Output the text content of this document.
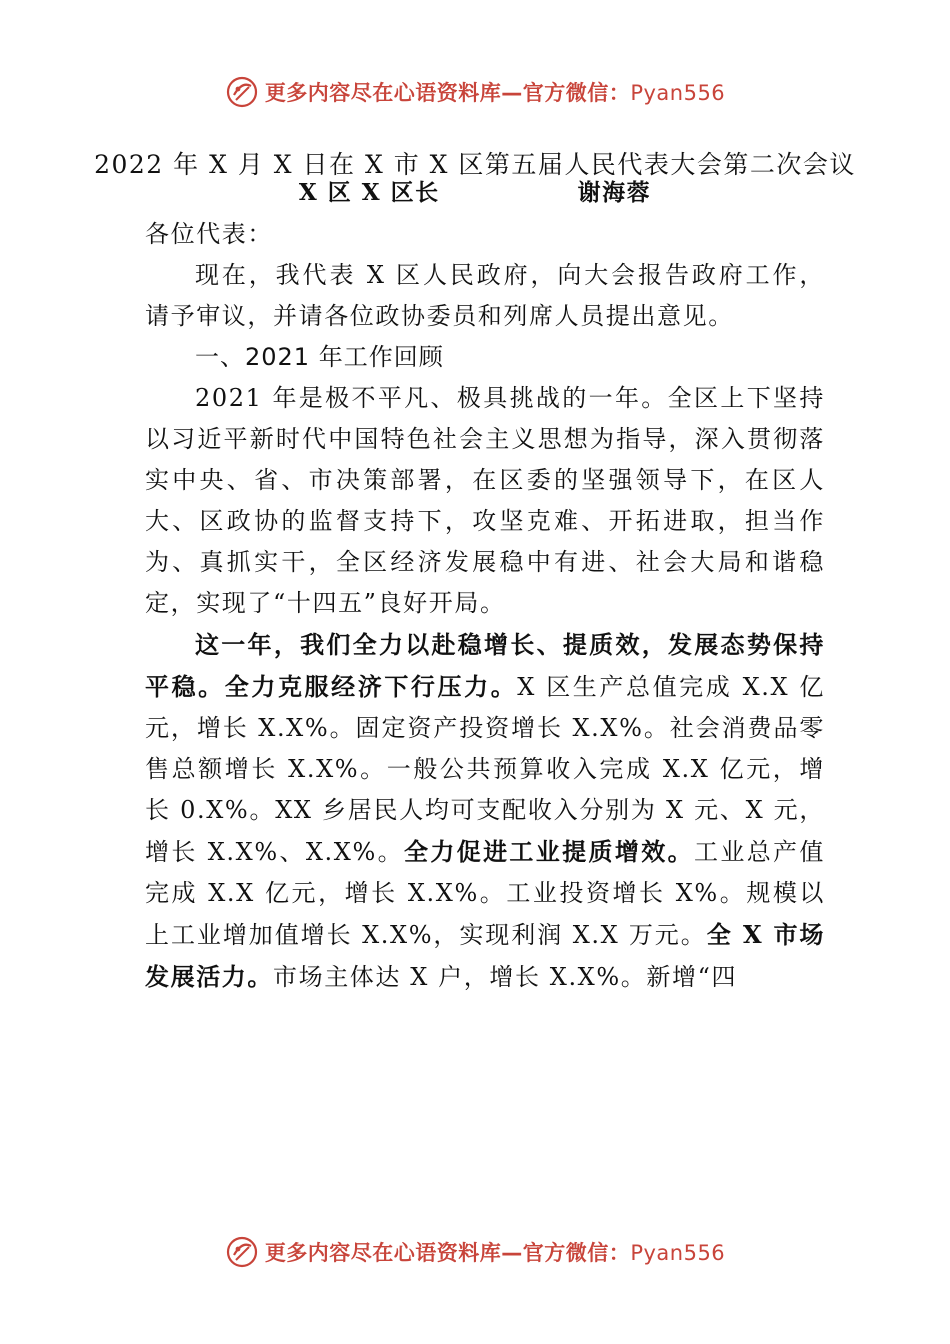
更多内容尽在心语资料库—官方微信：Pyan556
2022 年 X 月 X 日在 X 市 X 区第五届人民代表大会第二次会议
X 区 X 区长	谢海蓉

各位代表：

现在，我代表 X 区人民政府，向大会报告政府工作， 请予审议，并请各位政协委员和列席人员提出意见。

一、2021 年工作回顾

2021 年是极不平凡、极具挑战的一年。全区上下坚持以习近平新时代中国特色社会主义思想为指导，深入贯彻落实中央、省、市决策部署，在区委的坚强领导下，在区人大、区政协的监督支持下，攻坚克难、开拓进取，担当作为、真抓实干，全区经济发展稳中有进、社会大局和谐稳定，实现了“十四五”良好开局。

这一年，我们全力以赴稳增长、提质效，发展态势保持平稳。全力克服经济下行压力。X 区生产总值完成 X.X 亿元，增长 X.X%。固定资产投资增长 X.X%。社会消费品零售总额增长 X.X%。一般公共预算收入完成 X.X 亿元，增长 0.X%。XX 乡居民人均可支配收入分别为 X 元、X 元， 增长 X.X%、X.X%。全力促进工业提质增效。工业总产值完成 X.X 亿元，增长 X.X%。工业投资增长 X%。规模以上工业增加值增长 X.X%，实现利润 X.X 万元。全 X 市场发展活力。市场主体达 X 户，增长 X.X%。新增“四

更多内容尽在心语资料库—官方微信：Pyan556
